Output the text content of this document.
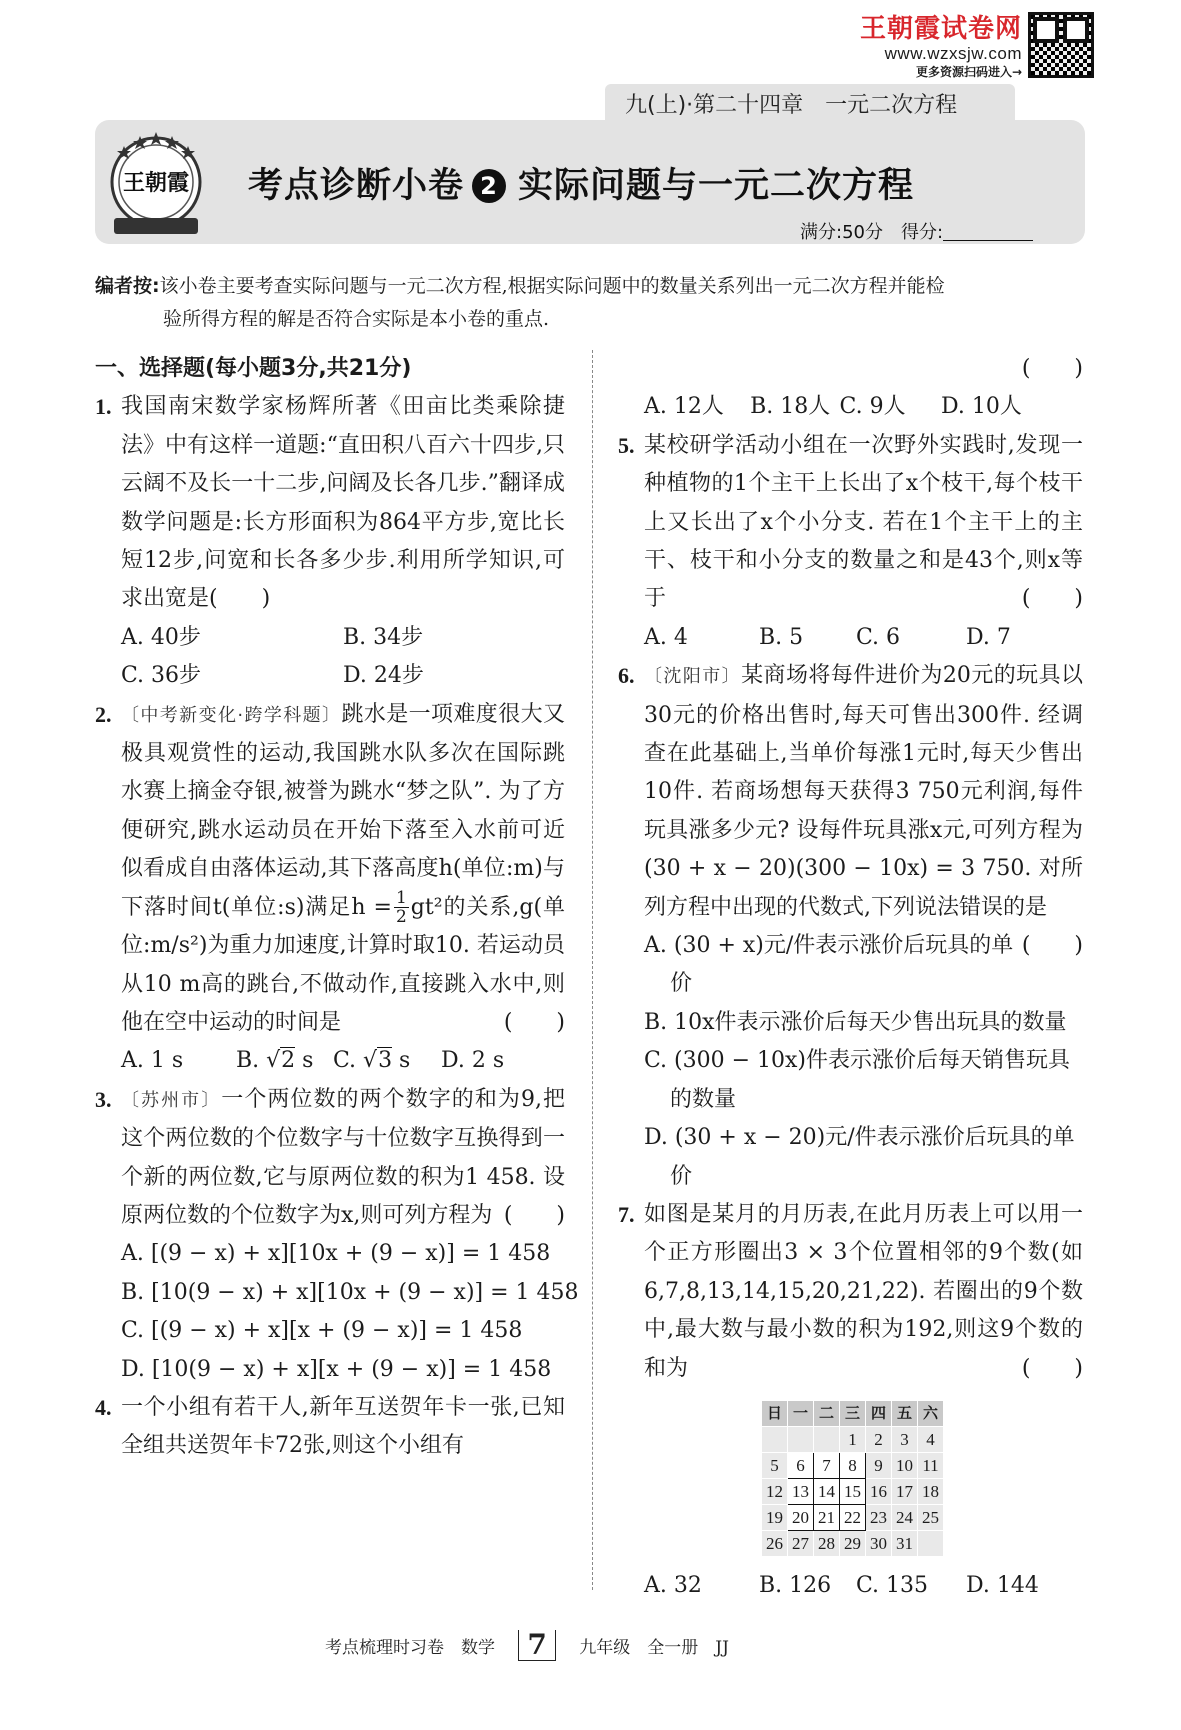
王朝霞试卷网
www.wzxsjw.com
更多资源扫码进入→
九(上)·第二十四章　一元二次方程
王朝霞 考点诊断小卷 2 实际问题与一元二次方程
满分:50分　 得分:
编者按:该小卷主要考查实际问题与一元二次方程,根据实际问题中的数量关系列出一元二次方程并能检
验所得方程的解是否符合实际是本小卷的重点.
一、选择题(每小题3分,共21分)
1. 我国南宋数学家杨辉所著《田亩比类乘除捷法》中有这样一道题:“直田积八百六十四步,只云阔不及长一十二步,问阔及长各几步.”翻译成数学问题是:长方形面积为864平方步,宽比长短12步,问宽和长各多少步.利用所学知识,可求出宽是(　　)
A. 40步	B. 34步
C. 36步	D. 24步
2. 〔中考新变化·跨学科题〕跳水是一项难度很大又极具观赏性的运动,我国跳水队多次在国际跳水赛上摘金夺银,被誉为跳水“梦之队”. 为了方便研究,跳水运动员在开始下落至入水前可近似看成自由落体运动,其下落高度h(单位:m)与下落时间t(单位:s)满足$h = \frac{1}{2} gt^2$的关系,g(单位:m/s²)为重力加速度,计算时取10. 若运动员从10 m高的跳台,不做动作,直接跳入水中,则他在空中运动的时间是	(　　)
A. 1 s	B. √2 s C. √3 s	D. 2 s
3. 〔苏州市〕一个两位数的两个数字的和为9,把这个两位数的个位数字与十位数字互换得到一个新的两位数,它与原两位数的积为1 458. 设原两位数的个位数字为x,则可列方程为 (　　)
A. [(9 − x) + x][10x + (9 − x)] = 1 458
B. [10(9 − x) + x][10x + (9 − x)] = 1 458
C. [(9 − x) + x][x + (9 − x)] = 1 458
D. [10(9 − x) + x][x + (9 − x)] = 1 458
4. 一个小组有若干人,新年互送贺年卡一张,已知全组共送贺年卡72张,则这个小组有
(　　)
A. 12人	B. 18人 C. 9人	D. 10人
5. 某校研学活动小组在一次野外实践时,发现一种植物的1个主干上长出了x个枝干,每个枝干上又长出了x个小分支. 若在1个主干上的主干、枝干和小分支的数量之和是43个,则x等于	(　　)
A. 4	B. 5	C. 6	D. 7
6. 〔沈阳市〕某商场将每件进价为20元的玩具以30元的价格出售时,每天可售出300件. 经调查在此基础上,当单价每涨1元时,每天少售出10件. 若商场想每天获得3 750元利润,每件玩具涨多少元? 设每件玩具涨x元,可列方程为(30 + x − 20)(300 − 10x) = 3 750. 对所列方程中出现的代数式,下列说法错误的是
(　　)
A. (30 + x)元/件表示涨价后玩具的单价
B. 10x件表示涨价后每天少售出玩具的数量
C. (300 − 10x)件表示涨价后每天销售玩具的数量
D. (30 + x − 20)元/件表示涨价后玩具的单价
7. 如图是某月的月历表,在此月历表上可以用一个正方形圈出3 × 3个位置相邻的9个数(如6,7,8,13,14,15,20,21,22). 若圈出的9个数中,最大数与最小数的积为192,则这9个数的和为	(　　)
日	一	二	三	四	五	六
			1	2	3	4
5	6	7	8	9	10	11
12	13	14	15	16	17	18
19	20	21	22	23	24	25
26	27	28	29	30	31	
A. 32	B. 126	C. 135	D. 144
考点梳理时习卷　数学 7 九年级　全一册　JJ
